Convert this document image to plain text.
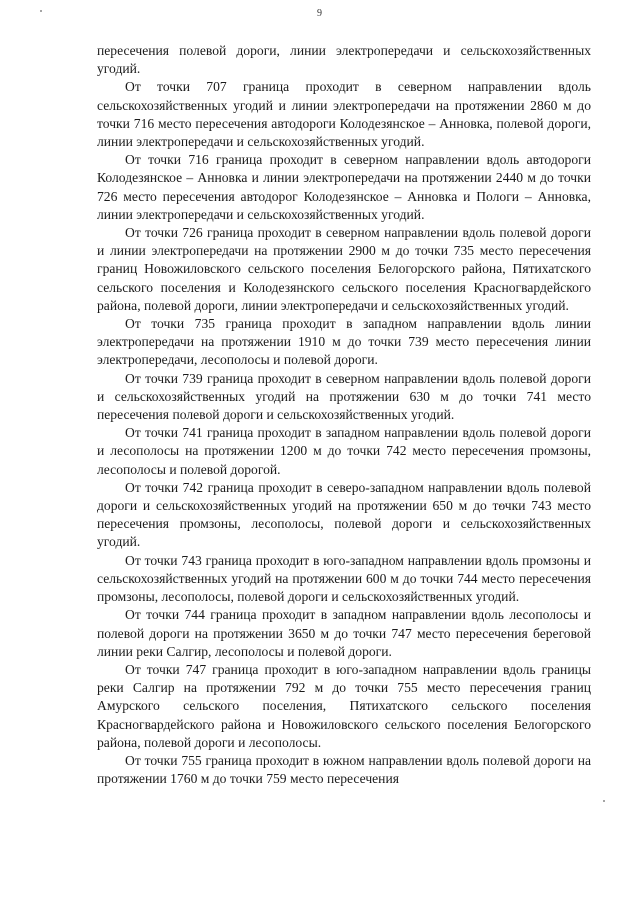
9

пересечения полевой дороги, линии электропередачи и сельскохозяйственных угодий.

От точки 707 граница проходит в северном направлении вдоль сельскохозяйственных угодий и линии электропередачи на протяжении 2860 м до точки 716 место пересечения автодороги Колодезянское – Анновка, полевой дороги, линии электропередачи и сельскохозяйственных угодий.

От точки 716 граница проходит в северном направлении вдоль автодороги Колодезянское – Анновка и линии электропередачи на протяжении 2440 м до точки 726 место пересечения автодорог Колодезянское – Анновка и Пологи – Анновка, линии электропередачи и сельскохозяйственных угодий.

От точки 726 граница проходит в северном направлении вдоль полевой дороги и линии электропередачи на протяжении 2900 м до точки 735 место пересечения границ Новожиловского сельского поселения Белогорского района, Пятихатского сельского поселения и Колодезянского сельского поселения Красногвардейского района, полевой дороги, линии электропередачи и сельскохозяйственных угодий.

От точки 735 граница проходит в западном направлении вдоль линии электропередачи на протяжении 1910 м до точки 739 место пересечения линии электропередачи, лесополосы и полевой дороги.

От точки 739 граница проходит в северном направлении вдоль полевой дороги и сельскохозяйственных угодий на протяжении 630 м до точки 741 место пересечения полевой дороги и сельскохозяйственных угодий.

От точки 741 граница проходит в западном направлении вдоль полевой дороги и лесополосы на протяжении 1200 м до точки 742 место пересечения промзоны, лесополосы и полевой дорогой.

От точки 742 граница проходит в северо-западном направлении вдоль полевой дороги и сельскохозяйственных угодий на протяжении 650 м до точки 743 место пересечения промзоны, лесополосы, полевой дороги и сельскохозяйственных угодий.

От точки 743 граница проходит в юго-западном направлении вдоль промзоны и сельскохозяйственных угодий на протяжении 600 м до точки 744 место пересечения промзоны, лесополосы, полевой дороги и сельскохозяйственных угодий.

От точки 744 граница проходит в западном направлении вдоль лесополосы и полевой дороги на протяжении 3650 м до точки 747 место пересечения береговой линии реки Салгир, лесополосы и полевой дороги.

От точки 747 граница проходит в юго-западном направлении вдоль границы реки Салгир на протяжении 792 м до точки 755 место пересечения границ Амурского сельского поселения, Пятихатского сельского поселения Красногвардейского района и Новожиловского сельского поселения Белогорского района, полевой дороги и лесополосы.

От точки 755 граница проходит в южном направлении вдоль полевой дороги на протяжении 1760 м до точки 759 место пересечения
